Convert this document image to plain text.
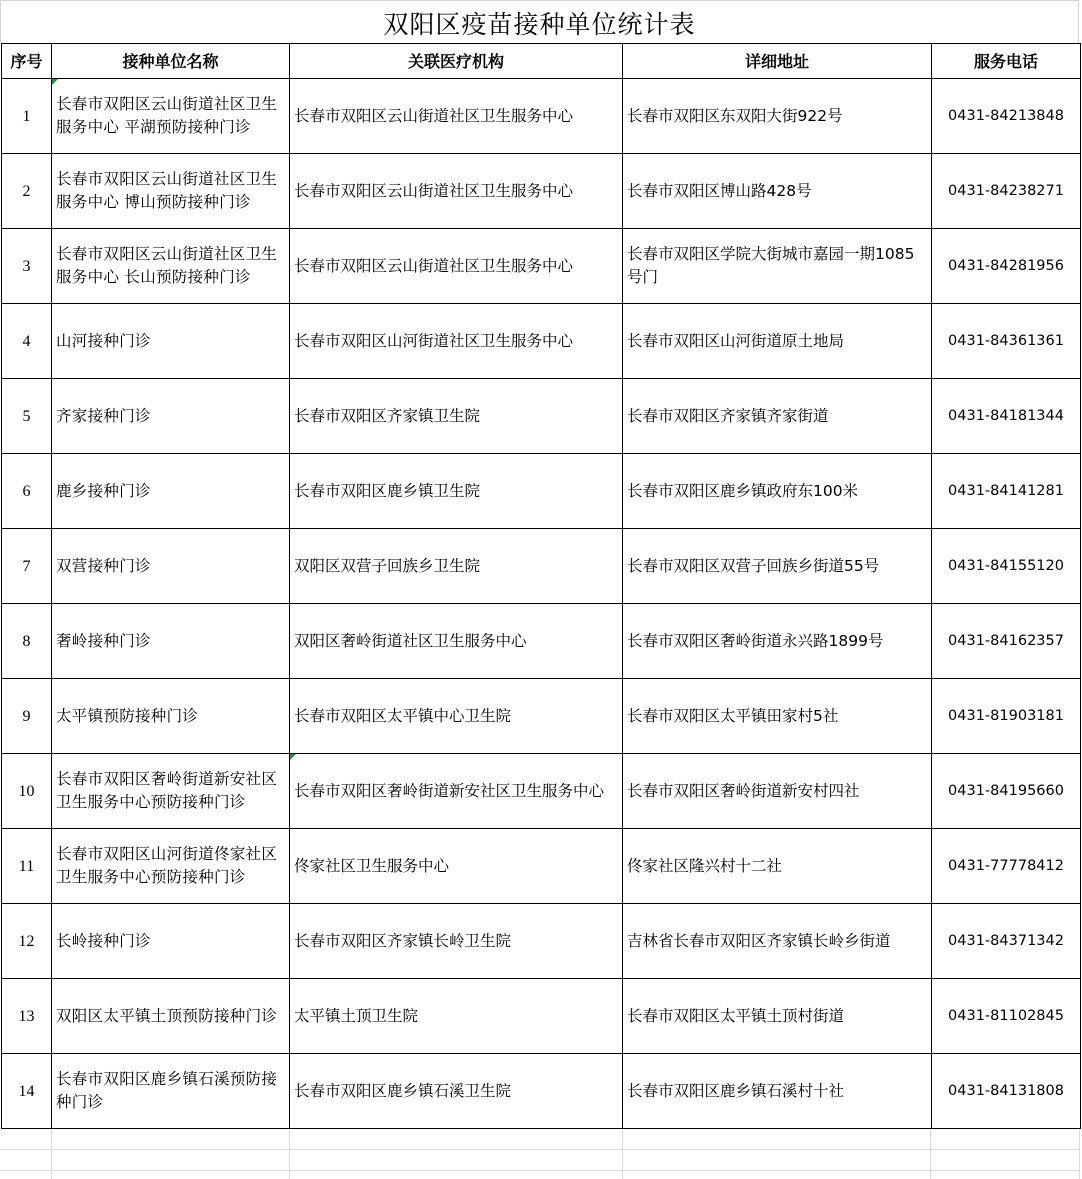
双阳区疫苗接种单位统计表
序号	接种单位名称	关联医疗机构	详细地址	服务电话
1	长春市双阳区云山街道社区卫生服务中心 平湖预防接种门诊	长春市双阳区云山街道社区卫生服务中心	长春市双阳区东双阳大街922号	0431-84213848
2	长春市双阳区云山街道社区卫生服务中心 博山预防接种门诊	长春市双阳区云山街道社区卫生服务中心	长春市双阳区博山路428号	0431-84238271
3	长春市双阳区云山街道社区卫生服务中心 长山预防接种门诊	长春市双阳区云山街道社区卫生服务中心	长春市双阳区学院大街城市嘉园一期1085号门	0431-84281956
4	山河接种门诊	长春市双阳区山河街道社区卫生服务中心	长春市双阳区山河街道原土地局	0431-84361361
5	齐家接种门诊	长春市双阳区齐家镇卫生院	长春市双阳区齐家镇齐家街道	0431-84181344
6	鹿乡接种门诊	长春市双阳区鹿乡镇卫生院	长春市双阳区鹿乡镇政府东100米	0431-84141281
7	双营接种门诊	双阳区双营子回族乡卫生院	长春市双阳区双营子回族乡街道55号	0431-84155120
8	奢岭接种门诊	双阳区奢岭街道社区卫生服务中心	长春市双阳区奢岭街道永兴路1899号	0431-84162357
9	太平镇预防接种门诊	长春市双阳区太平镇中心卫生院	长春市双阳区太平镇田家村5社	0431-81903181
10	长春市双阳区奢岭街道新安社区卫生服务中心预防接种门诊	长春市双阳区奢岭街道新安社区卫生服务中心	长春市双阳区奢岭街道新安村四社	0431-84195660
11	长春市双阳区山河街道佟家社区卫生服务中心预防接种门诊	佟家社区卫生服务中心	佟家社区隆兴村十二社	0431-77778412
12	长岭接种门诊	长春市双阳区齐家镇长岭卫生院	吉林省长春市双阳区齐家镇长岭乡街道	0431-84371342
13	双阳区太平镇土顶预防接种门诊	太平镇土顶卫生院	长春市双阳区太平镇土顶村街道	0431-81102845
14	长春市双阳区鹿乡镇石溪预防接种门诊	长春市双阳区鹿乡镇石溪卫生院	长春市双阳区鹿乡镇石溪村十社	0431-84131808
